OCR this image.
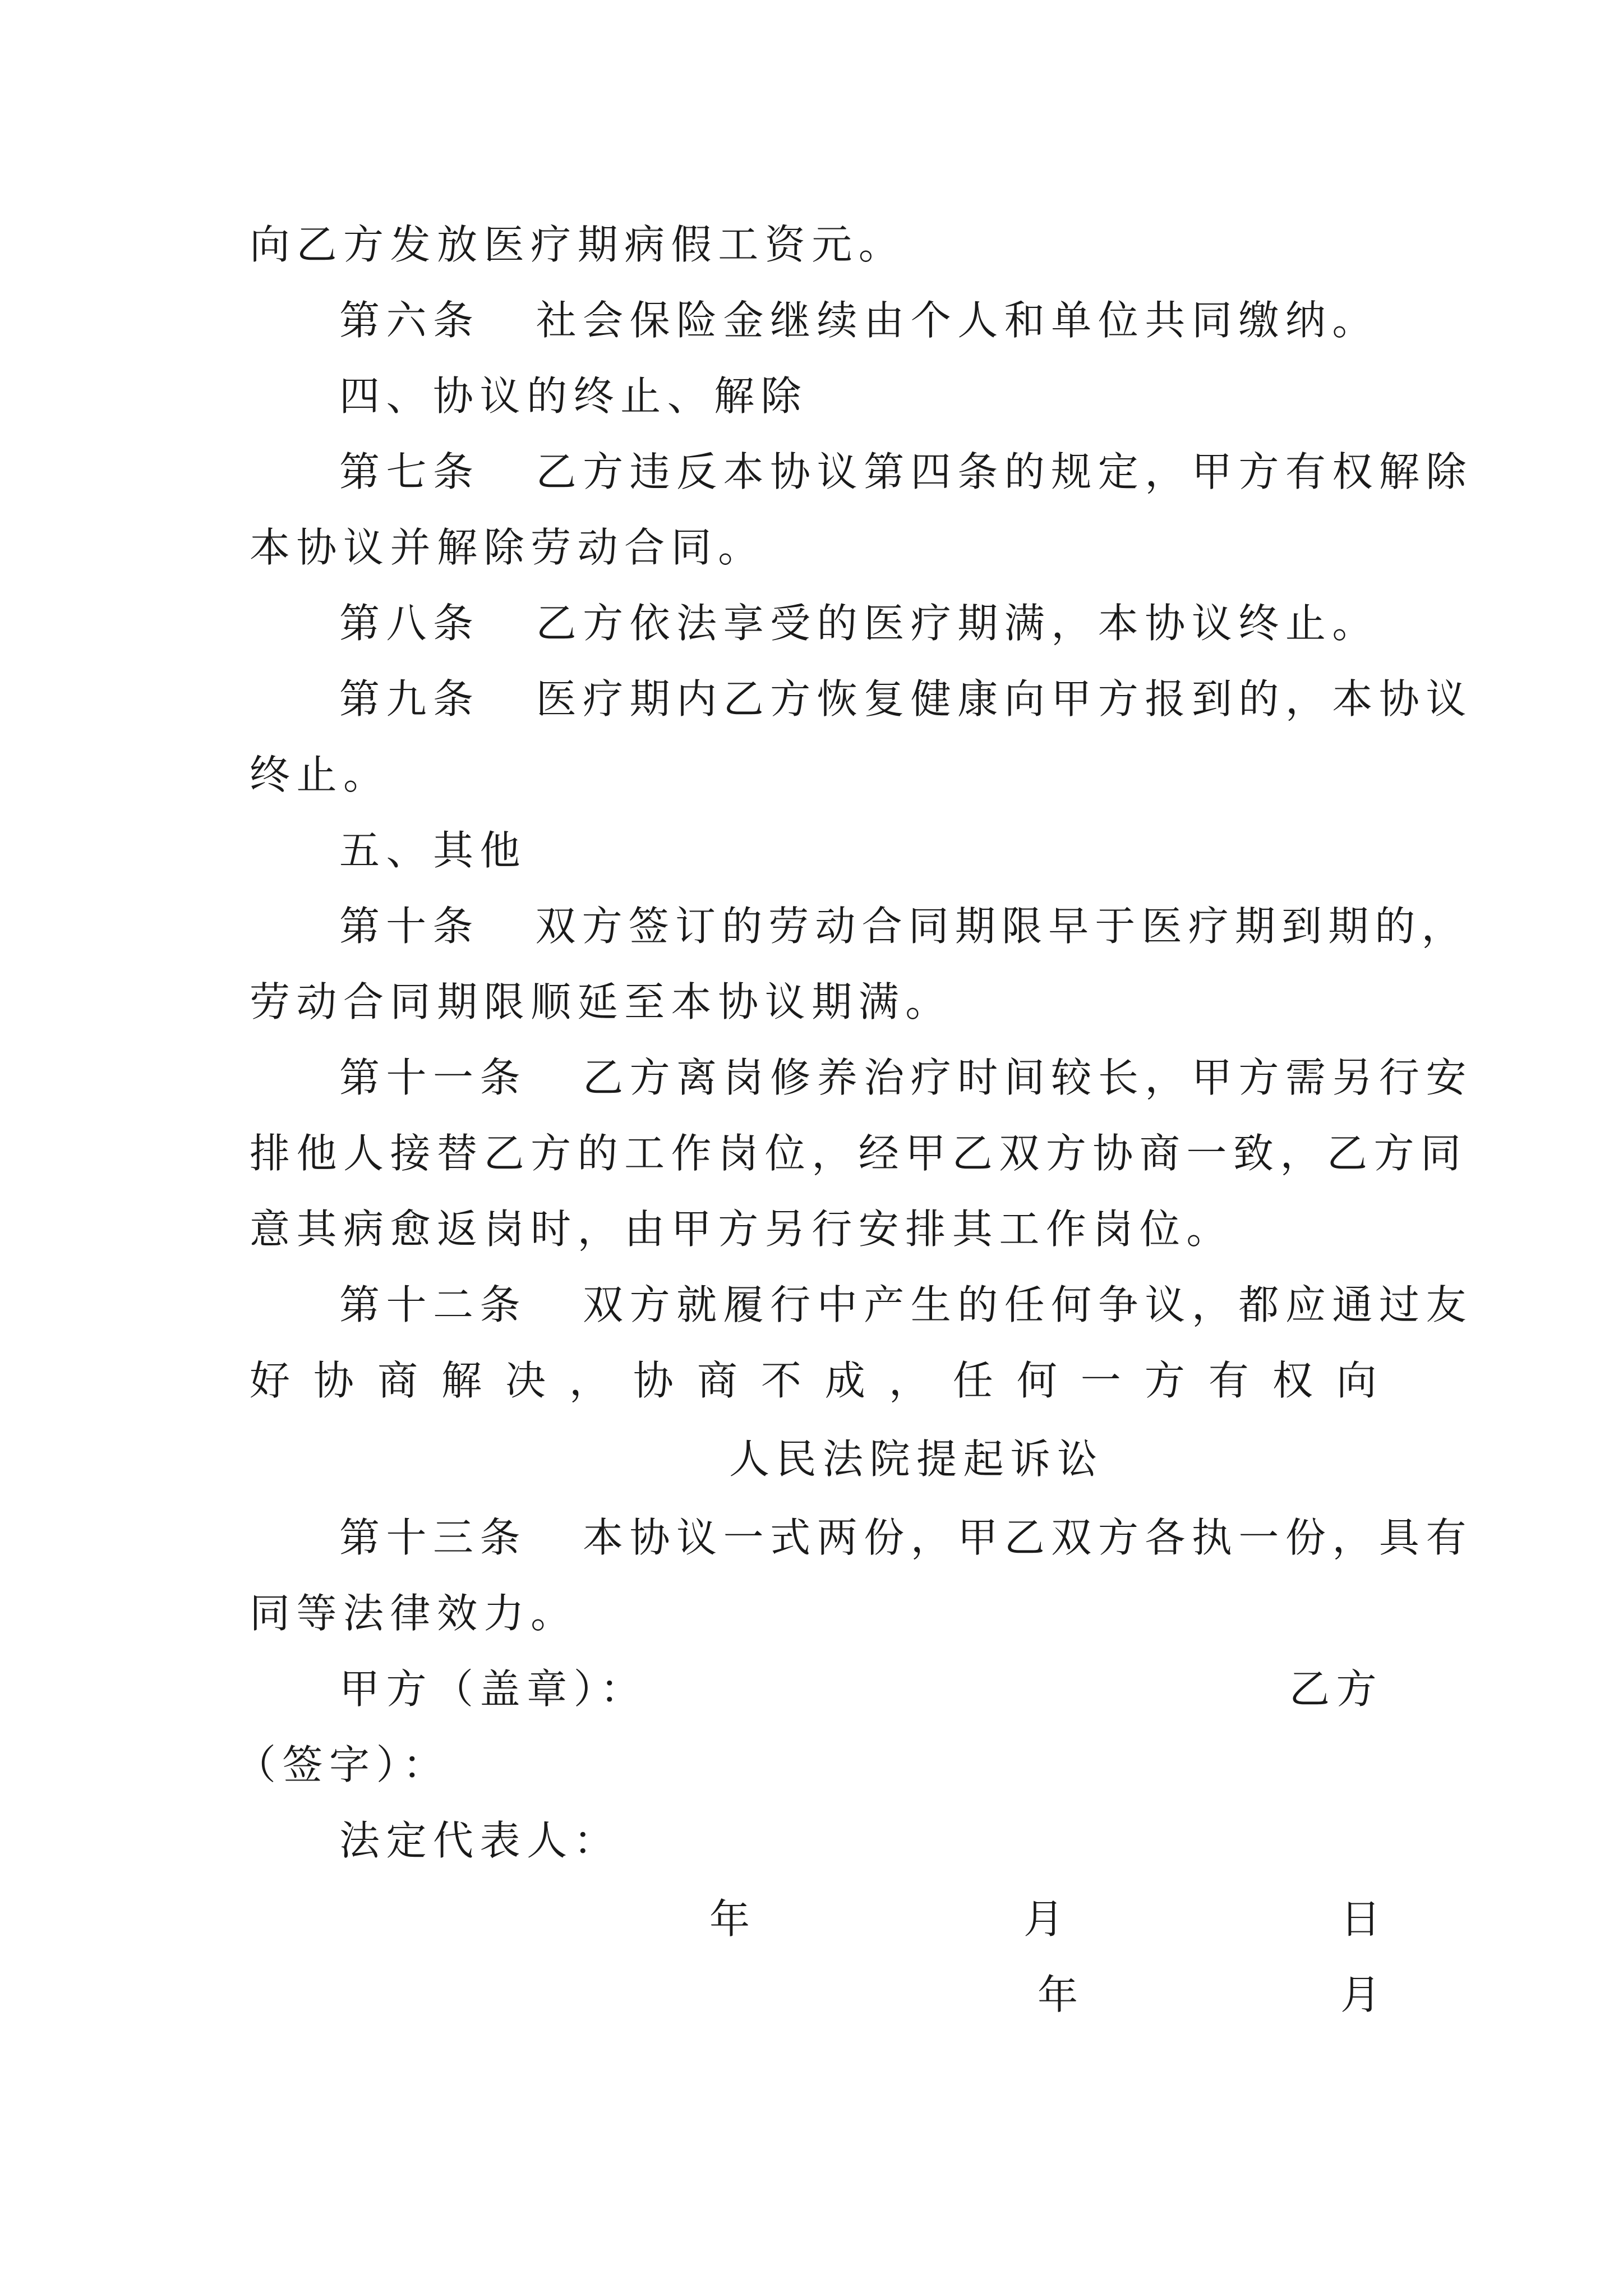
向乙方发放医疗期病假工资元。
第六条 社会保险金继续由个人和单位共同缴纳。
四、协议的终止、解除
第七条 乙方违反本协议第四条的规定，甲方有权解除
本协议并解除劳动合同。
第八条 乙方依法享受的医疗期满，本协议终止。
第九条 医疗期内乙方恢复健康向甲方报到的，本协议
终止。
五、其他
第十条 双方签订的劳动合同期限早于医疗期到期的，
劳动合同期限顺延至本协议期满。
第十一条 乙方离岗修养治疗时间较长，甲方需另行安
排他人接替乙方的工作岗位，经甲乙双方协商一致，乙方同
意其病愈返岗时，由甲方另行安排其工作岗位。
第十二条 双方就履行中产生的任何争议，都应通过友
好 协 商 解 决 ， 协 商 不 成 ， 任 何 一 方 有 权 向
人民法院提起诉讼
第十三条 本协议一式两份，甲乙双方各执一份，具有
同等法律效力。
甲方（盖章）：	乙方
（签字）：
法定代表人：
年	月	日
年	月
